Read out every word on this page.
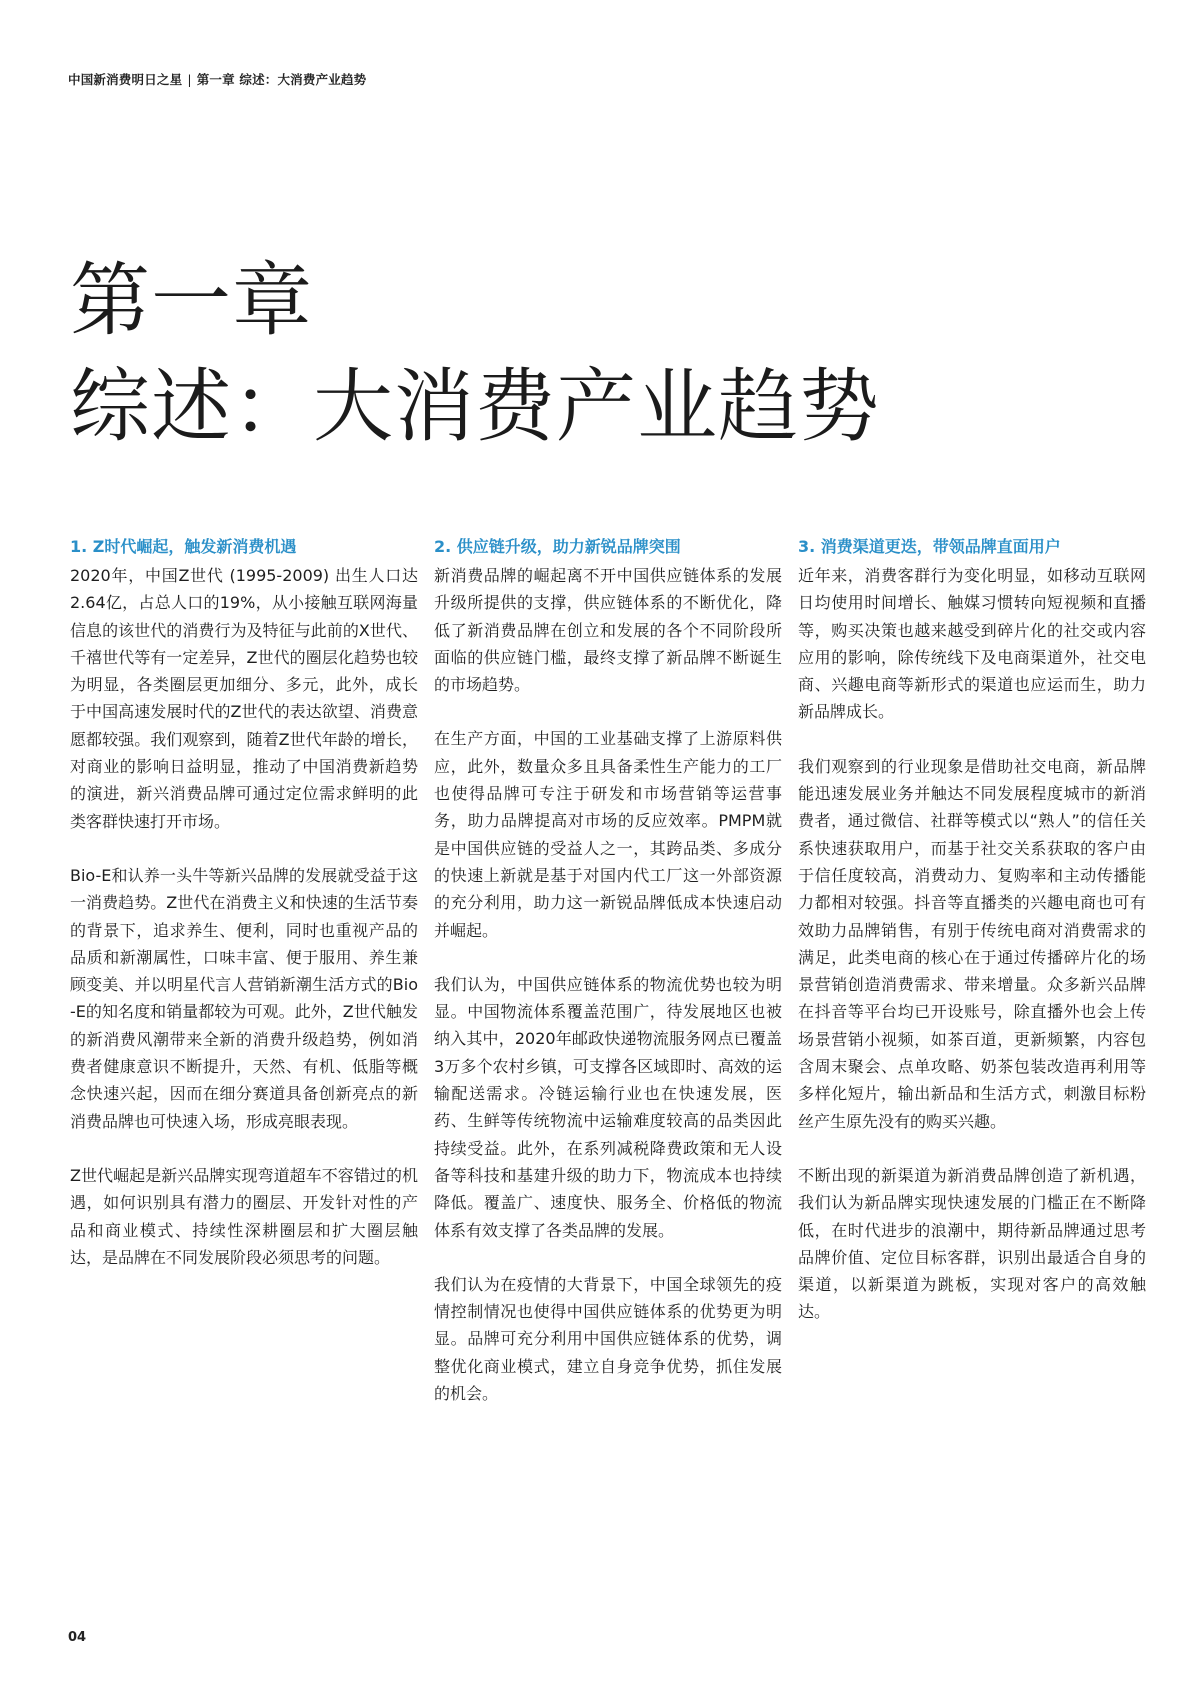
中国新消费明日之星 | 第一章 综述：大消费产业趋势
第一章
综述：大消费产业趋势
1. Z时代崛起，触发新消费机遇

2020年，中国Z世代 (1995-2009) 出生人口达2.64亿，占总人口的19%，从小接触互联网海量信息的该世代的消费行为及特征与此前的X世代、千禧世代等有一定差异，Z世代的圈层化趋势也较为明显，各类圈层更加细分、多元，此外，成长于中国高速发展时代的Z世代的表达欲望、消费意愿都较强。我们观察到，随着Z世代年龄的增长，对商业的影响日益明显，推动了中国消费新趋势的演进，新兴消费品牌可通过定位需求鲜明的此类客群快速打开市场。

Bio-E和认养一头牛等新兴品牌的发展就受益于这一消费趋势。Z世代在消费主义和快速的生活节奏的背景下，追求养生、便利，同时也重视产品的品质和新潮属性，口味丰富、便于服用、养生兼顾变美、并以明星代言人营销新潮生活方式的Bio-E的知名度和销量都较为可观。此外，Z世代触发的新消费风潮带来全新的消费升级趋势，例如消费者健康意识不断提升，天然、有机、低脂等概念快速兴起，因而在细分赛道具备创新亮点的新消费品牌也可快速入场，形成亮眼表现。

Z世代崛起是新兴品牌实现弯道超车不容错过的机遇，如何识别具有潜力的圈层、开发针对性的产品和商业模式、持续性深耕圈层和扩大圈层触达，是品牌在不同发展阶段必须思考的问题。

2. 供应链升级，助力新锐品牌突围

新消费品牌的崛起离不开中国供应链体系的发展升级所提供的支撑，供应链体系的不断优化，降低了新消费品牌在创立和发展的各个不同阶段所面临的供应链门槛，最终支撑了新品牌不断诞生的市场趋势。

在生产方面，中国的工业基础支撑了上游原料供应，此外，数量众多且具备柔性生产能力的工厂也使得品牌可专注于研发和市场营销等运营事务，助力品牌提高对市场的反应效率。PMPM就是中国供应链的受益人之一，其跨品类、多成分的快速上新就是基于对国内代工厂这一外部资源的充分利用，助力这一新锐品牌低成本快速启动并崛起。

我们认为，中国供应链体系的物流优势也较为明显。中国物流体系覆盖范围广，待发展地区也被纳入其中，2020年邮政快递物流服务网点已覆盖3万多个农村乡镇，可支撑各区域即时、高效的运输配送需求。冷链运输行业也在快速发展，医药、生鲜等传统物流中运输难度较高的品类因此持续受益。此外，在系列减税降费政策和无人设备等科技和基建升级的助力下，物流成本也持续降低。覆盖广、速度快、服务全、价格低的物流体系有效支撑了各类品牌的发展。

我们认为在疫情的大背景下，中国全球领先的疫情控制情况也使得中国供应链体系的优势更为明显。品牌可充分利用中国供应链体系的优势，调整优化商业模式，建立自身竞争优势，抓住发展的机会。

3. 消费渠道更迭，带领品牌直面用户

近年来，消费客群行为变化明显，如移动互联网日均使用时间增长、触媒习惯转向短视频和直播等，购买决策也越来越受到碎片化的社交或内容应用的影响，除传统线下及电商渠道外，社交电商、兴趣电商等新形式的渠道也应运而生，助力新品牌成长。

我们观察到的行业现象是借助社交电商，新品牌能迅速发展业务并触达不同发展程度城市的新消费者，通过微信、社群等模式以“熟人”的信任关系快速获取用户，而基于社交关系获取的客户由于信任度较高，消费动力、复购率和主动传播能力都相对较强。抖音等直播类的兴趣电商也可有效助力品牌销售，有别于传统电商对消费需求的满足，此类电商的核心在于通过传播碎片化的场景营销创造消费需求、带来增量。众多新兴品牌在抖音等平台均已开设账号，除直播外也会上传场景营销小视频，如茶百道，更新频繁，内容包含周末聚会、点单攻略、奶茶包装改造再利用等多样化短片，输出新品和生活方式，刺激目标粉丝产生原先没有的购买兴趣。

不断出现的新渠道为新消费品牌创造了新机遇，我们认为新品牌实现快速发展的门槛正在不断降低，在时代进步的浪潮中，期待新品牌通过思考品牌价值、定位目标客群，识别出最适合自身的渠道，以新渠道为跳板，实现对客户的高效触达。

04
